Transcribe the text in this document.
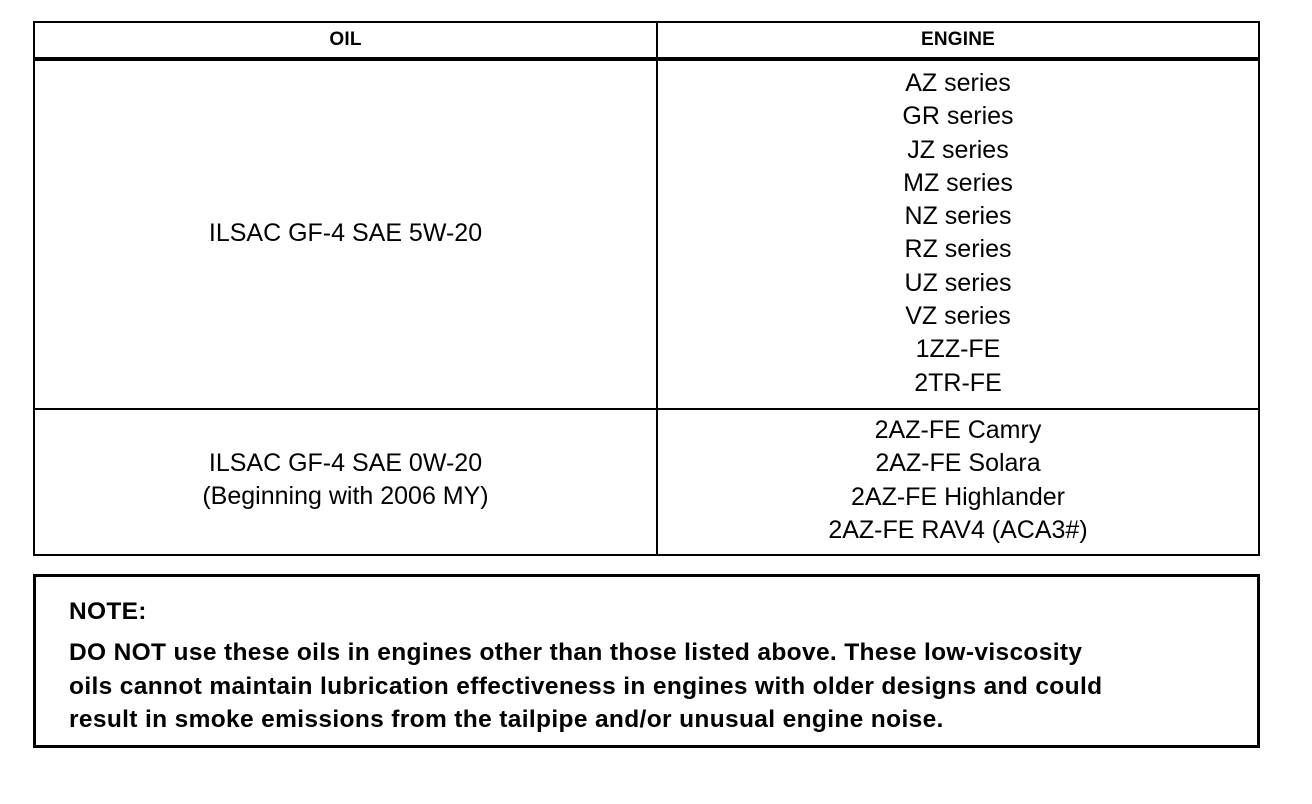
OIL	ENGINE
ILSAC GF-4 SAE 5W-20
AZ series
GR series
JZ series
MZ series
NZ series
RZ series
UZ series
VZ series
1ZZ-FE
2TR-FE
ILSAC GF-4 SAE 0W-20
(Beginning with 2006 MY)
2AZ-FE Camry
2AZ-FE Solara
2AZ-FE Highlander
2AZ-FE RAV4 (ACA3#)
NOTE:
DO NOT use these oils in engines other than those listed above. These low-viscosity
oils cannot maintain lubrication effectiveness in engines with older designs and could
result in smoke emissions from the tailpipe and/or unusual engine noise.
